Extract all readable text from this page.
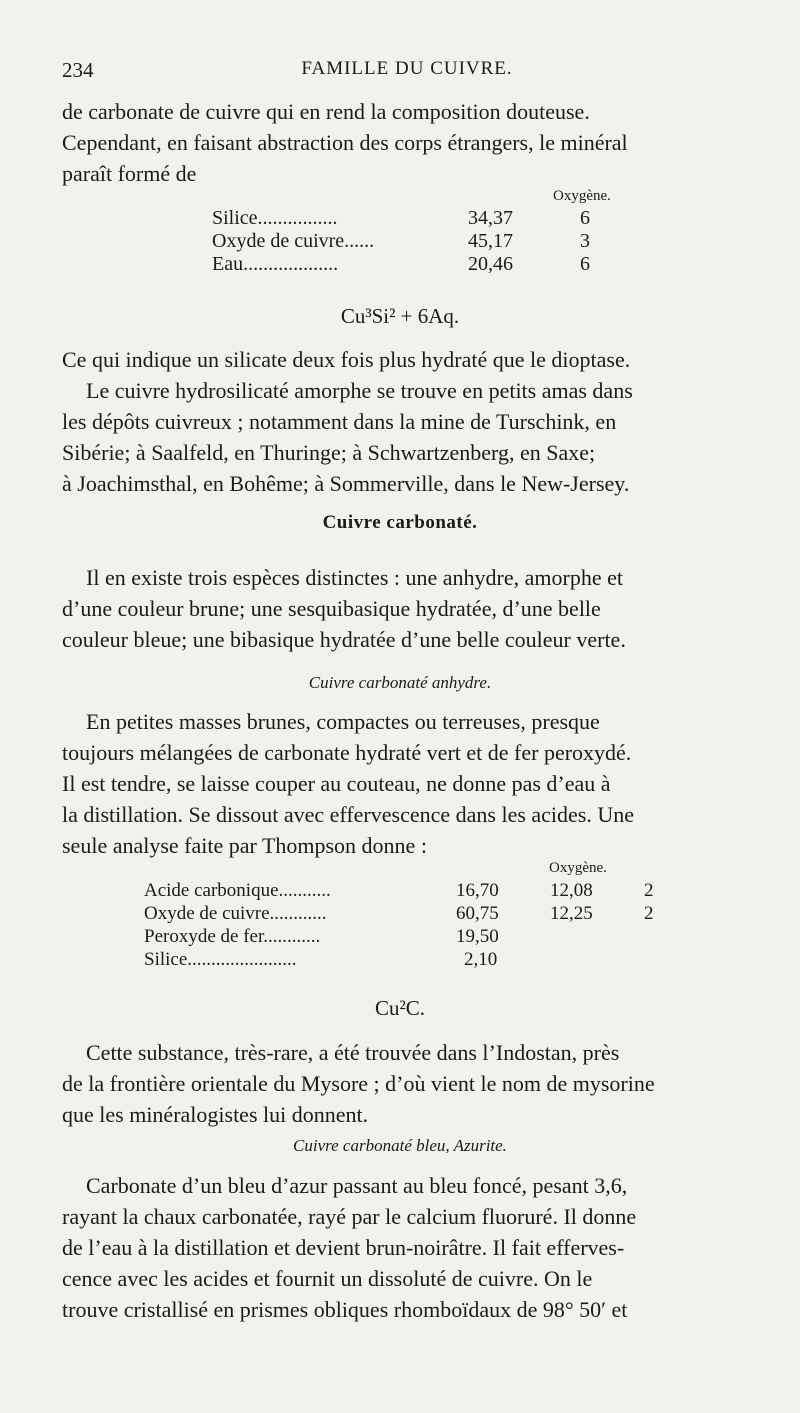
234	FAMILLE DU CUIVRE.
de carbonate de cuivre qui en rend la composition douteuse.
Cependant, en faisant abstraction des corps étrangers, le minéral
paraît formé de
Oxygène.
Silice................	34,37	6
Oxyde de cuivre......	45,17	3
Eau...................	20,46	6
Cu³Si² + 6Aq.
Ce qui indique un silicate deux fois plus hydraté que le dioptase.
Le cuivre hydrosilicaté amorphe se trouve en petits amas dans
les dépôts cuivreux ; notamment dans la mine de Turschink, en
Sibérie; à Saalfeld, en Thuringe; à Schwartzenberg, en Saxe;
à Joachimsthal, en Bohême; à Sommerville, dans le New-Jersey.
Cuivre carbonaté.
Il en existe trois espèces distinctes : une anhydre, amorphe et
d’une couleur brune; une sesquibasique hydratée, d’une belle
couleur bleue; une bibasique hydratée d’une belle couleur verte.
Cuivre carbonaté anhydre.
En petites masses brunes, compactes ou terreuses, presque
toujours mélangées de carbonate hydraté vert et de fer peroxydé.
Il est tendre, se laisse couper au couteau, ne donne pas d’eau à
la distillation. Se dissout avec effervescence dans les acides. Une
seule analyse faite par Thompson donne :
Oxygène.
Acide carbonique...........	16,70	12,08	2
Oxyde de cuivre............	60,75	12,25	2
Peroxyde de fer............	19,50
Silice.......................	2,10
Cu²C.
Cette substance, très-rare, a été trouvée dans l’Indostan, près
de la frontière orientale du Mysore ; d’où vient le nom de mysorine
que les minéralogistes lui donnent.
Cuivre carbonaté bleu, Azurite.
Carbonate d’un bleu d’azur passant au bleu foncé, pesant 3,6,
rayant la chaux carbonatée, rayé par le calcium fluoruré. Il donne
de l’eau à la distillation et devient brun-noirâtre. Il fait efferves-
cence avec les acides et fournit un dissoluté de cuivre. On le
trouve cristallisé en prismes obliques rhomboïdaux de 98° 50′ et
